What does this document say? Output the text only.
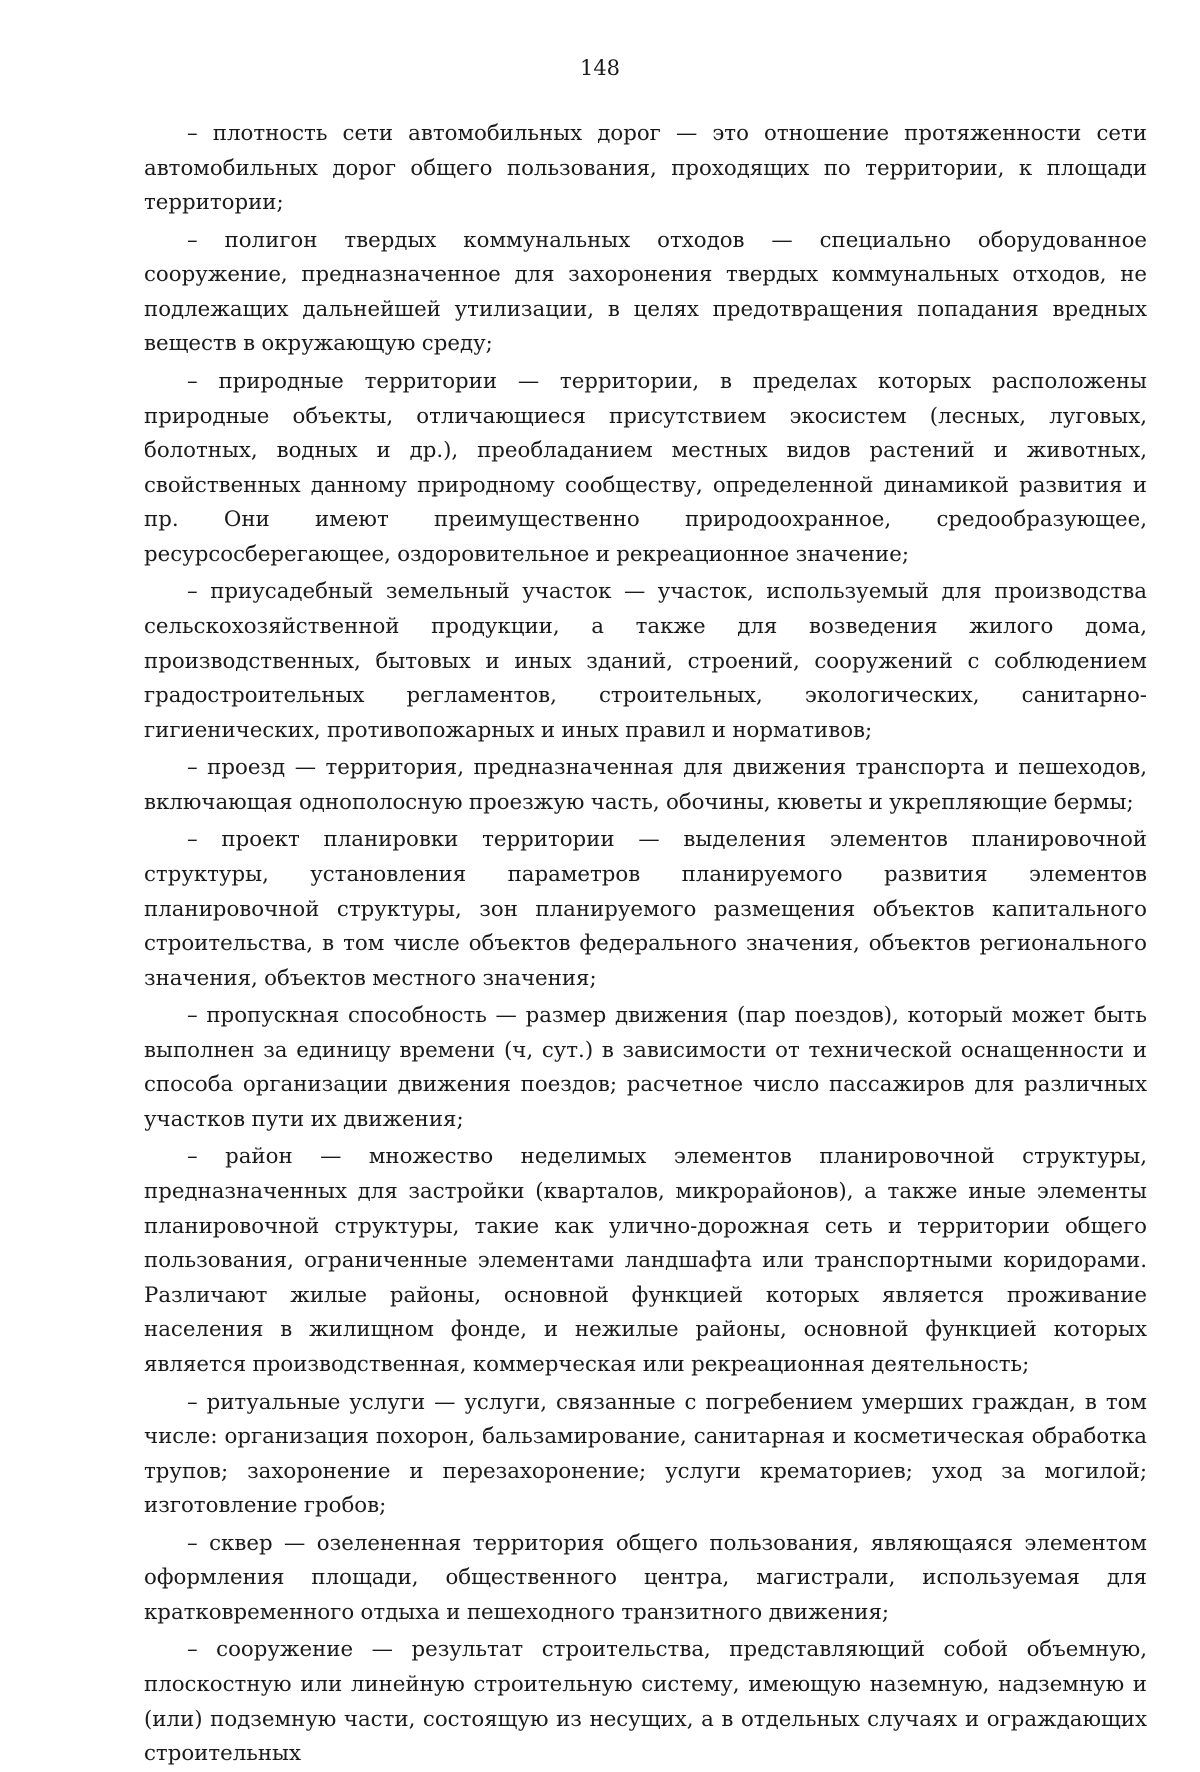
148

– плотность сети автомобильных дорог — это отношение протяженности сети автомобильных дорог общего пользования, проходящих по территории, к площади территории;

– полигон твердых коммунальных отходов — специально оборудованное сооружение, предназначенное для захоронения твердых коммунальных отходов, не подлежащих дальнейшей утилизации, в целях предотвращения попадания вредных веществ в окружающую среду;

– природные территории — территории, в пределах которых расположены природные объекты, отличающиеся присутствием экосистем (лесных, луговых, болотных, водных и др.), преобладанием местных видов растений и животных, свойственных данному природному сообществу, определенной динамикой развития и пр. Они имеют преимущественно природоохранное, средообразующее, ресурсосберегающее, оздоровительное и рекреационное значение;

– приусадебный земельный участок — участок, используемый для производства сельскохозяйственной продукции, а также для возведения жилого дома, производственных, бытовых и иных зданий, строений, сооружений с соблюдением градостроительных регламентов, строительных, экологических, санитарно-гигиенических, противопожарных и иных правил и нормативов;

– проезд — территория, предназначенная для движения транспорта и пешеходов, включающая однополосную проезжую часть, обочины, кюветы и укрепляющие бермы;

– проект планировки территории — выделения элементов планировочной структуры, установления параметров планируемого развития элементов планировочной структуры, зон планируемого размещения объектов капитального строительства, в том числе объектов федерального значения, объектов регионального значения, объектов местного значения;

– пропускная способность — размер движения (пар поездов), который может быть выполнен за единицу времени (ч, сут.) в зависимости от технической оснащенности и способа организации движения поездов; расчетное число пассажиров для различных участков пути их движения;

– район — множество неделимых элементов планировочной структуры, предназначенных для застройки (кварталов, микрорайонов), а также иные элементы планировочной структуры, такие как улично-дорожная сеть и территории общего пользования, ограниченные элементами ландшафта или транспортными коридорами. Различают жилые районы, основной функцией которых является проживание населения в жилищном фонде, и нежилые районы, основной функцией которых является производственная, коммерческая или рекреационная деятельность;

– ритуальные услуги — услуги, связанные с погребением умерших граждан, в том числе: организация похорон, бальзамирование, санитарная и косметическая обработка трупов; захоронение и перезахоронение; услуги крематориев; уход за могилой; изготовление гробов;

– сквер — озелененная территория общего пользования, являющаяся элементом оформления площади, общественного центра, магистрали, используемая для кратковременного отдыха и пешеходного транзитного движения;

– сооружение — результат строительства, представляющий собой объемную, плоскостную или линейную строительную систему, имеющую наземную, надземную и (или) подземную части, состоящую из несущих, а в отдельных случаях и ограждающих строительных
